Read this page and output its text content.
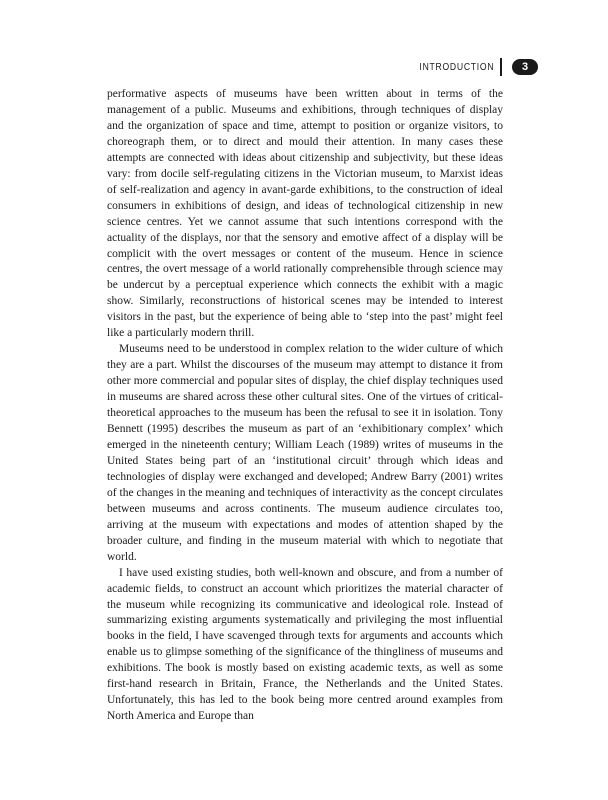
INTRODUCTION	3

performative aspects of museums have been written about in terms of the management of a public. Museums and exhibitions, through techniques of display and the organization of space and time, attempt to position or organize visitors, to choreograph them, or to direct and mould their attention. In many cases these attempts are connected with ideas about citizenship and subjectivity, but these ideas vary: from docile self-regulating citizens in the Victorian museum, to Marxist ideas of self-realization and agency in avant-garde exhibitions, to the construction of ideal consumers in exhibitions of design, and ideas of technological citizenship in new science centres. Yet we cannot assume that such intentions correspond with the actuality of the displays, nor that the sensory and emotive affect of a display will be complicit with the overt messages or content of the museum. Hence in science centres, the overt message of a world rationally comprehensible through science may be undercut by a perceptual experience which connects the exhibit with a magic show. Similarly, reconstructions of historical scenes may be intended to interest visitors in the past, but the experience of being able to ‘step into the past’ might feel like a particularly modern thrill.

Museums need to be understood in complex relation to the wider culture of which they are a part. Whilst the discourses of the museum may attempt to distance it from other more commercial and popular sites of display, the chief display techniques used in museums are shared across these other cultural sites. One of the virtues of critical-theoretical approaches to the museum has been the refusal to see it in isolation. Tony Bennett (1995) describes the museum as part of an ‘exhibitionary complex’ which emerged in the nineteenth century; William Leach (1989) writes of museums in the United States being part of an ‘institutional circuit’ through which ideas and technologies of display were exchanged and developed; Andrew Barry (2001) writes of the changes in the meaning and techniques of interactivity as the concept circulates between museums and across continents. The museum audience circulates too, arriving at the museum with expectations and modes of attention shaped by the broader culture, and finding in the museum material with which to negotiate that world.

I have used existing studies, both well-known and obscure, and from a number of academic fields, to construct an account which prioritizes the material character of the museum while recognizing its communicative and ideological role. Instead of summarizing existing arguments systematically and privileging the most influential books in the field, I have scavenged through texts for arguments and accounts which enable us to glimpse something of the significance of the thingliness of museums and exhibitions. The book is mostly based on existing academic texts, as well as some first-hand research in Britain, France, the Netherlands and the United States. Unfortunately, this has led to the book being more centred around examples from North America and Europe than
